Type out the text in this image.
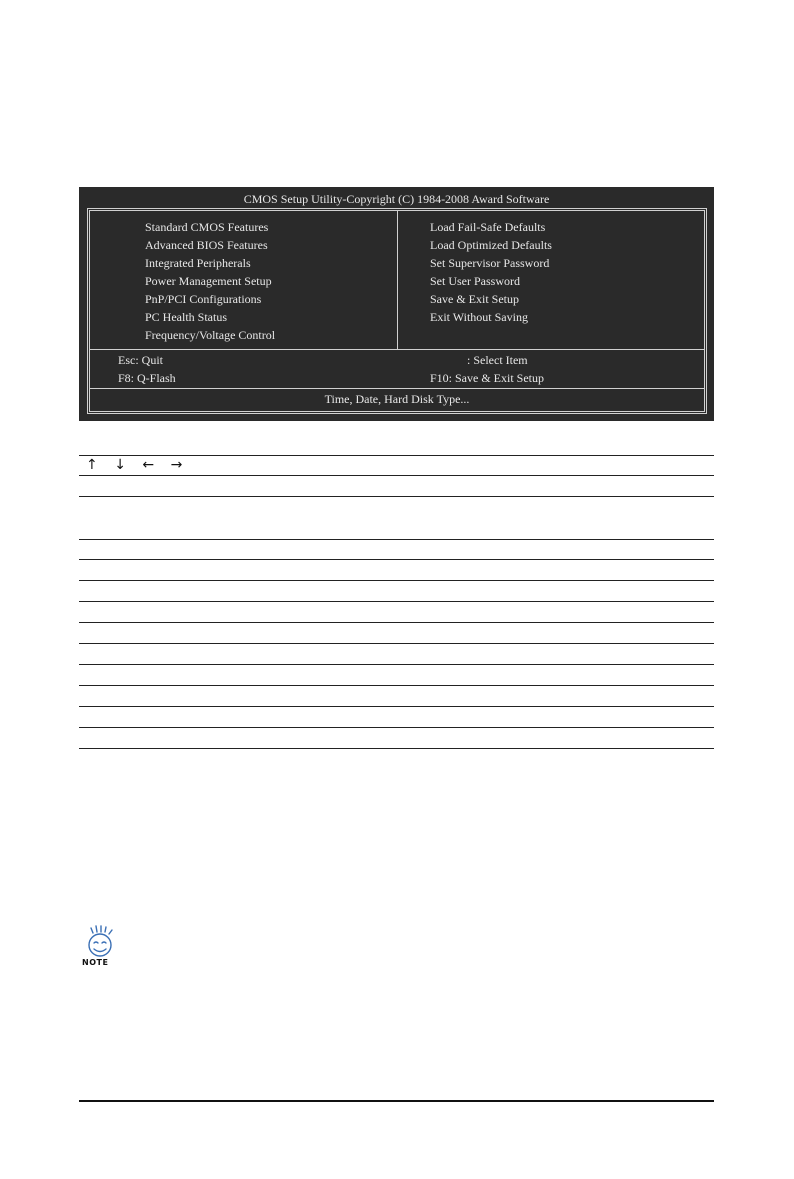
CMOS Setup Utility-Copyright (C) 1984-2008 Award Software
Standard CMOS Features
Advanced BIOS Features
Integrated Peripherals
Power Management Setup
PnP/PCI Configurations
PC Health Status
Frequency/Voltage Control
Load Fail-Safe Defaults
Load Optimized Defaults
Set Supervisor Password
Set User Password
Save & Exit Setup
Exit Without Saving
Esc: Quit	: Select Item
F8: Q-Flash	F10: Save & Exit Setup
Time, Date, Hard Disk Type...
↑ ↓ ← →
NOTE
